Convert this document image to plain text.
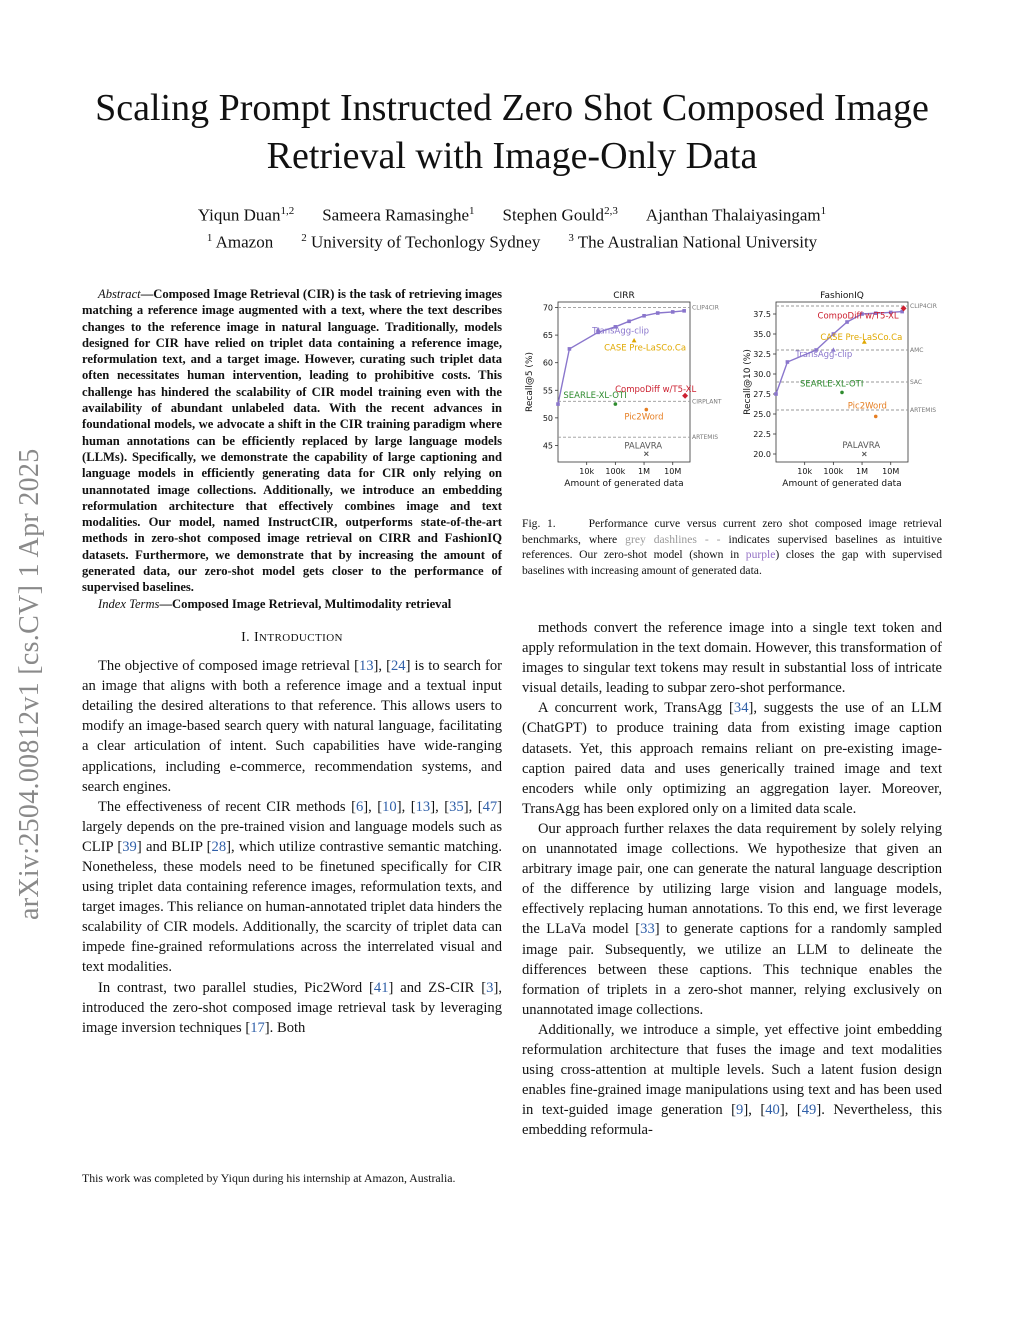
arXiv:2504.00812v1 [cs.CV] 1 Apr 2025
Scaling Prompt Instructed Zero Shot Composed Image Retrieval with Image-Only Data
Yiqun Duan$^{1,2}$ Sameera Ramasinghe$^1$ Stephen Gould$^{2,3}$ Ajanthan Thalaiyasingam$^1$
$^1$ Amazon	$^2$ University of Techonlogy Sydney	$^3$ The Australian National University

Abstract—Composed Image Retrieval (CIR) is the task of retrieving images matching a reference image augmented with a text, where the text describes changes to the reference image in natural language. Traditionally, models designed for CIR have relied on triplet data containing a reference image, reformulation text, and a target image. However, curating such triplet data often necessitates human intervention, leading to prohibitive costs. This challenge has hindered the scalability of CIR model training even with the availability of abundant unlabeled data. With the recent advances in foundational models, we advocate a shift in the CIR training paradigm where human annotations can be efficiently replaced by large language models (LLMs). Specifically, we demonstrate the capability of large captioning and language models in efficiently generating data for CIR only relying on unannotated image collections. Additionally, we introduce an embedding reformulation architecture that effectively combines image and text modalities. Our model, named InstructCIR, outperforms state-of-the-art methods in zero-shot composed image retrieval on CIRR and FashionIQ datasets. Furthermore, we demonstrate that by increasing the amount of generated data, our zero-shot model gets closer to the performance of supervised baselines.

Index Terms—Composed Image Retrieval, Multimodality retrieval

I. INTRODUCTION

The objective of composed image retrieval [13], [24] is to search for an image that aligns with both a reference image and a textual input detailing the desired alterations to that reference. This allows users to modify an image-based search query with natural language, facilitating a clear articulation of intent. Such capabilities have wide-ranging applications, including e-commerce, recommendation systems, and search engines.

The effectiveness of recent CIR methods [6], [10], [13], [35], [47] largely depends on the pre-trained vision and language models such as CLIP [39] and BLIP [28], which utilize contrastive semantic matching. Nonetheless, these models need to be finetuned specifically for CIR using triplet data containing reference images, reformulation texts, and target images. This reliance on human-annotated triplet data hinders the scalability of CIR models. Additionally, the scarcity of triplet data can impede fine-grained reformulations across the interrelated visual and text modalities.

In contrast, two parallel studies, Pic2Word [41] and ZS-CIR [3], introduced the zero-shot composed image retrieval task by leveraging image inversion techniques [17]. Both

This work was completed by Yiqun during his internship at Amazon, Australia.
CIRR
Amount of generated data
Recall@5 (%)
10k 100k 1M 10M
45
50
55
60
65
70	CLIP4CIR
CIRPLANT
ARTEMIS
TransAgg-clip
CASE Pre-LaSCo.Ca
SEARLE-XL-OTI
CompoDiff w/T5-XL
Pic2Word
PALAVRA
FashionIQ
Amount of generated data
Recall@10 (%)
10k 100k 1M 10M
20.0
22.5
25.0
27.5
30.0
32.5
35.0
37.5
CLIP4CIR
AMC
SAC
ARTEMIS
TransAgg-clip
CompoDiff w/T5-XL
CASE Pre-LaSCo.Ca
SEARLE-XL-OTI
Pic2Word
PALAVRA
Fig. 1.	Performance curve versus current zero shot composed image retrieval benchmarks, where grey dashlines - - indicates supervised baselines as intuitive references. Our zero-shot model (shown in purple) closes the gap with supervised baselines with increasing amount of generated data.

methods convert the reference image into a single text token and apply reformulation in the text domain. However, this transformation of images to singular text tokens may result in substantial loss of intricate visual details, leading to subpar zero-shot performance.

A concurrent work, TransAgg [34], suggests the use of an LLM (ChatGPT) to produce training data from existing image caption datasets. Yet, this approach remains reliant on pre-existing image-caption paired data and uses generically trained image and text encoders while only optimizing an aggregation layer. Moreover, TransAgg has been explored only on a limited data scale.

Our approach further relaxes the data requirement by solely relying on unannotated image collections. We hypothesize that given an arbitrary image pair, one can generate the natural language description of the difference by utilizing large vision and language models, effectively replacing human annotations. To this end, we first leverage the LLaVa model [33] to generate captions for a randomly sampled image pair. Subsequently, we utilize an LLM to delineate the differences between these captions. This technique enables the formation of triplets in a zero-shot manner, relying exclusively on unannotated image collections.

Additionally, we introduce a simple, yet effective joint embedding reformulation architecture that fuses the image and text modalities using cross-attention at multiple levels. Such a latent fusion design enables fine-grained image manipulations using text and has been used in text-guided image generation [9], [40], [49]. Nevertheless, this embedding reformula-
